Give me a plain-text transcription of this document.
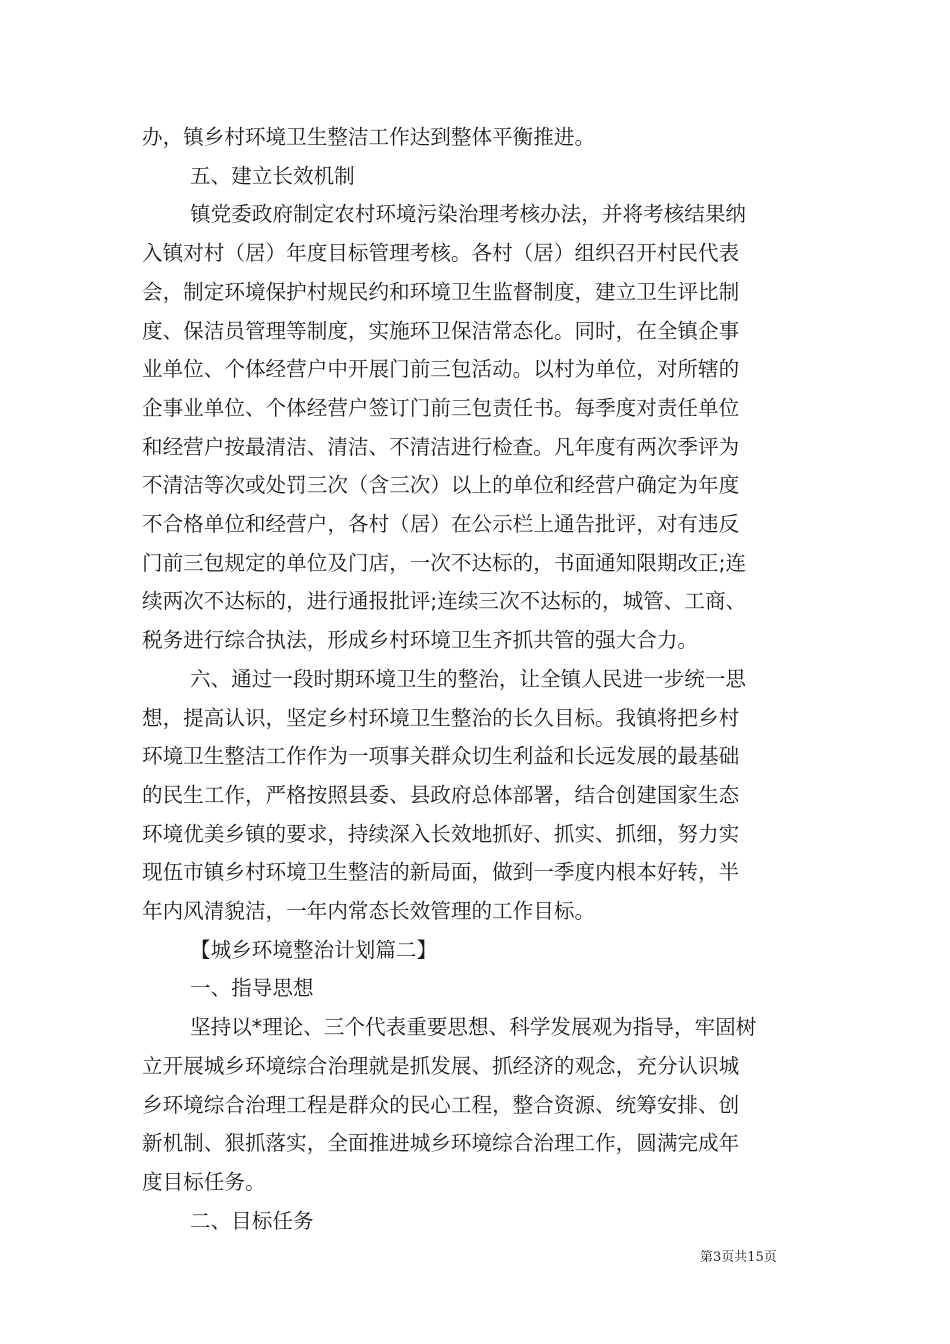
办，镇乡村环境卫生整洁工作达到整体平衡推进。
五、建立长效机制
镇党委政府制定农村环境污染治理考核办法，并将考核结果纳
入镇对村（居）年度目标管理考核。各村（居）组织召开村民代表
会，制定环境保护村规民约和环境卫生监督制度，建立卫生评比制
度、保洁员管理等制度，实施环卫保洁常态化。同时，在全镇企事
业单位、个体经营户中开展门前三包活动。以村为单位，对所辖的
企事业单位、个体经营户签订门前三包责任书。每季度对责任单位
和经营户按最清洁、清洁、不清洁进行检查。凡年度有两次季评为
不清洁等次或处罚三次（含三次）以上的单位和经营户确定为年度
不合格单位和经营户，各村（居）在公示栏上通告批评，对有违反
门前三包规定的单位及门店，一次不达标的，书面通知限期改正;连
续两次不达标的，进行通报批评;连续三次不达标的，城管、工商、
税务进行综合执法，形成乡村环境卫生齐抓共管的强大合力。
六、通过一段时期环境卫生的整治，让全镇人民进一步统一思
想，提高认识，坚定乡村环境卫生整治的长久目标。我镇将把乡村
环境卫生整洁工作作为一项事关群众切生利益和长远发展的最基础
的民生工作，严格按照县委、县政府总体部署，结合创建国家生态
环境优美乡镇的要求，持续深入长效地抓好、抓实、抓细，努力实
现伍市镇乡村环境卫生整洁的新局面，做到一季度内根本好转，半
年内风清貌洁，一年内常态长效管理的工作目标。
【城乡环境整治计划篇二】
一、指导思想
坚持以*理论、三个代表重要思想、科学发展观为指导，牢固树
立开展城乡环境综合治理就是抓发展、抓经济的观念，充分认识城
乡环境综合治理工程是群众的民心工程，整合资源、统筹安排、创
新机制、狠抓落实，全面推进城乡环境综合治理工作，圆满完成年
度目标任务。
二、目标任务
第3页共15页
